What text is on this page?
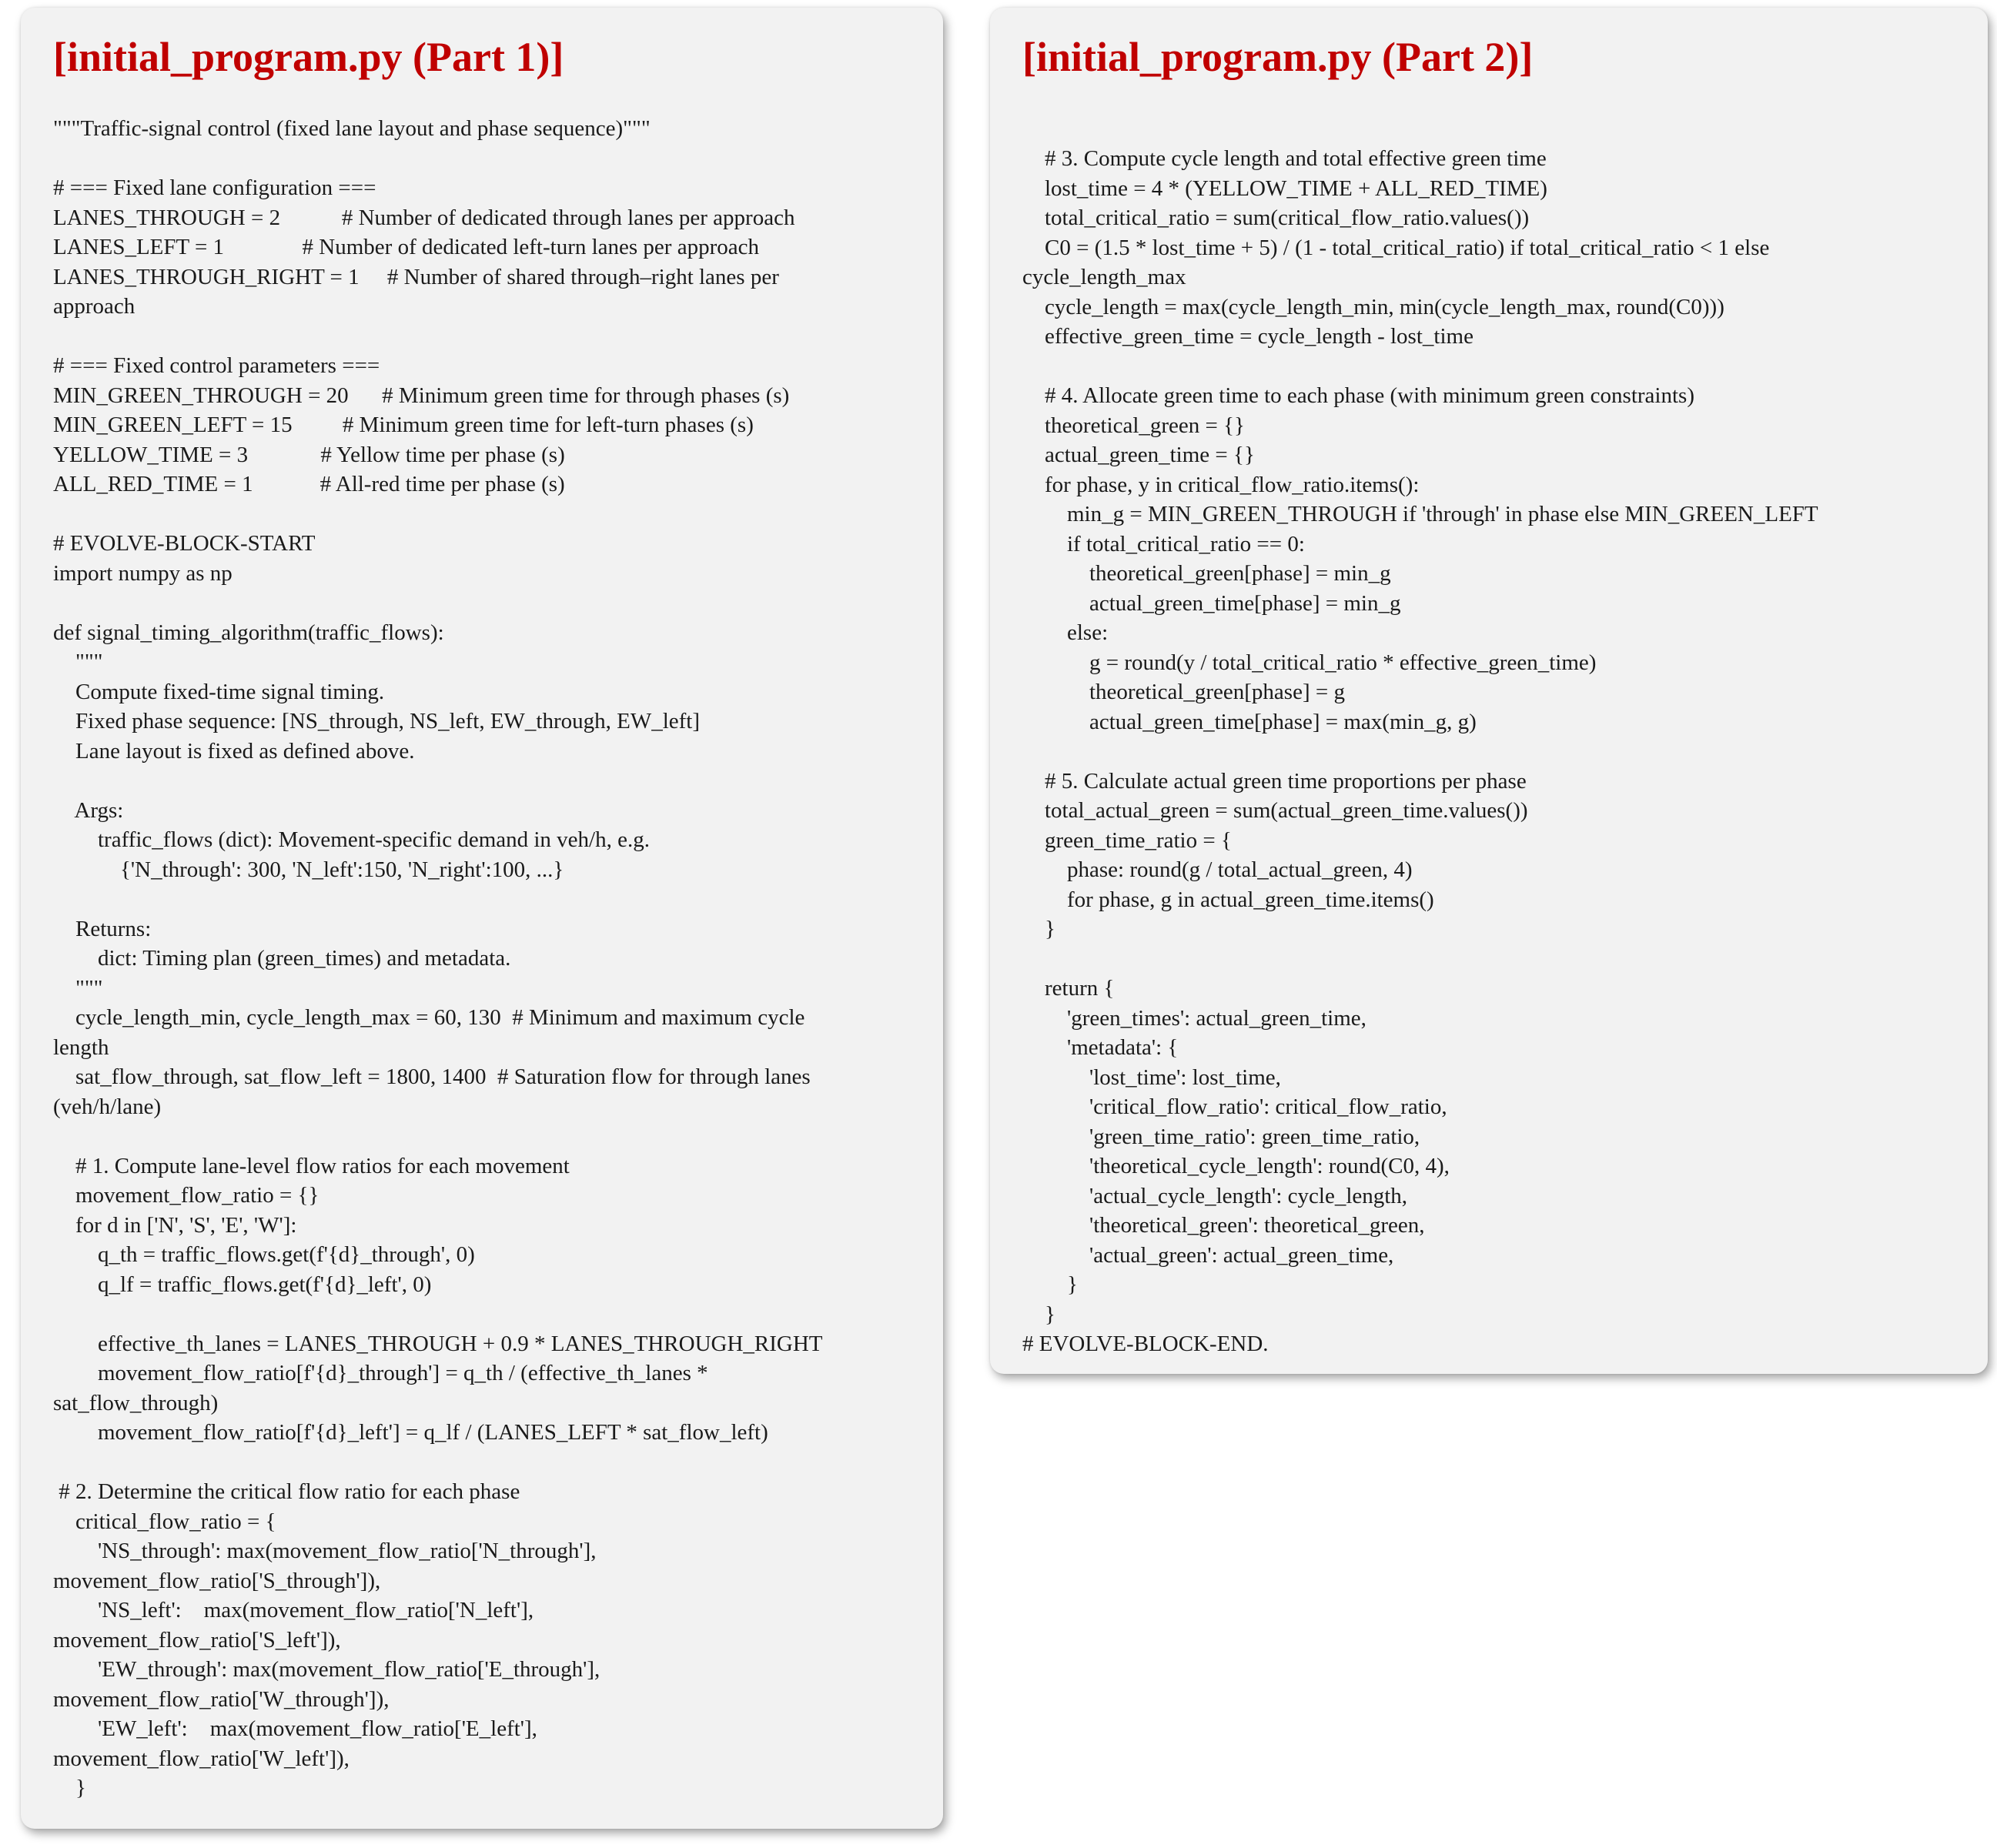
[initial_program.py (Part 1)]
"""Traffic-signal control (fixed lane layout and phase sequence)"""
# === Fixed lane configuration ===
LANES_THROUGH = 2           # Number of dedicated through lanes per approach
LANES_LEFT = 1              # Number of dedicated left-turn lanes per approach
LANES_THROUGH_RIGHT = 1     # Number of shared through–right lanes per
approach
# === Fixed control parameters ===
MIN_GREEN_THROUGH = 20      # Minimum green time for through phases (s)
MIN_GREEN_LEFT = 15         # Minimum green time for left-turn phases (s)
YELLOW_TIME = 3             # Yellow time per phase (s)
ALL_RED_TIME = 1            # All-red time per phase (s)
# EVOLVE-BLOCK-START
import numpy as np
def signal_timing_algorithm(traffic_flows):
"""
Compute fixed-time signal timing.
Fixed phase sequence: [NS_through, NS_left, EW_through, EW_left]
Lane layout is fixed as defined above.
Args:
traffic_flows (dict): Movement-specific demand in veh/h, e.g.
{'N_through': 300, 'N_left':150, 'N_right':100, ...}
Returns:
dict: Timing plan (green_times) and metadata.
"""
cycle_length_min, cycle_length_max = 60, 130  # Minimum and maximum cycle
length
sat_flow_through, sat_flow_left = 1800, 1400  # Saturation flow for through lanes
(veh/h/lane)
# 1. Compute lane-level flow ratios for each movement
movement_flow_ratio = {}
for d in ['N', 'S', 'E', 'W']:
q_th = traffic_flows.get(f'{d}_through', 0)
q_lf = traffic_flows.get(f'{d}_left', 0)
effective_th_lanes = LANES_THROUGH + 0.9 * LANES_THROUGH_RIGHT
movement_flow_ratio[f'{d}_through'] = q_th / (effective_th_lanes *
sat_flow_through)
movement_flow_ratio[f'{d}_left'] = q_lf / (LANES_LEFT * sat_flow_left)
# 2. Determine the critical flow ratio for each phase
critical_flow_ratio = {
'NS_through': max(movement_flow_ratio['N_through'],
movement_flow_ratio['S_through']),
'NS_left':    max(movement_flow_ratio['N_left'],
movement_flow_ratio['S_left']),
'EW_through': max(movement_flow_ratio['E_through'],
movement_flow_ratio['W_through']),
'EW_left':    max(movement_flow_ratio['E_left'],
movement_flow_ratio['W_left']),
}
[initial_program.py (Part 2)]
# 3. Compute cycle length and total effective green time
lost_time = 4 * (YELLOW_TIME + ALL_RED_TIME)
total_critical_ratio = sum(critical_flow_ratio.values())
C0 = (1.5 * lost_time + 5) / (1 - total_critical_ratio) if total_critical_ratio < 1 else
cycle_length_max
cycle_length = max(cycle_length_min, min(cycle_length_max, round(C0)))
effective_green_time = cycle_length - lost_time
# 4. Allocate green time to each phase (with minimum green constraints)
theoretical_green = {}
actual_green_time = {}
for phase, y in critical_flow_ratio.items():
min_g = MIN_GREEN_THROUGH if 'through' in phase else MIN_GREEN_LEFT
if total_critical_ratio == 0:
theoretical_green[phase] = min_g
actual_green_time[phase] = min_g
else:
g = round(y / total_critical_ratio * effective_green_time)
theoretical_green[phase] = g
actual_green_time[phase] = max(min_g, g)
# 5. Calculate actual green time proportions per phase
total_actual_green = sum(actual_green_time.values())
green_time_ratio = {
phase: round(g / total_actual_green, 4)
for phase, g in actual_green_time.items()
}
return {
'green_times': actual_green_time,
'metadata': {
'lost_time': lost_time,
'critical_flow_ratio': critical_flow_ratio,
'green_time_ratio': green_time_ratio,
'theoretical_cycle_length': round(C0, 4),
'actual_cycle_length': cycle_length,
'theoretical_green': theoretical_green,
'actual_green': actual_green_time,
}
}
# EVOLVE-BLOCK-END.
